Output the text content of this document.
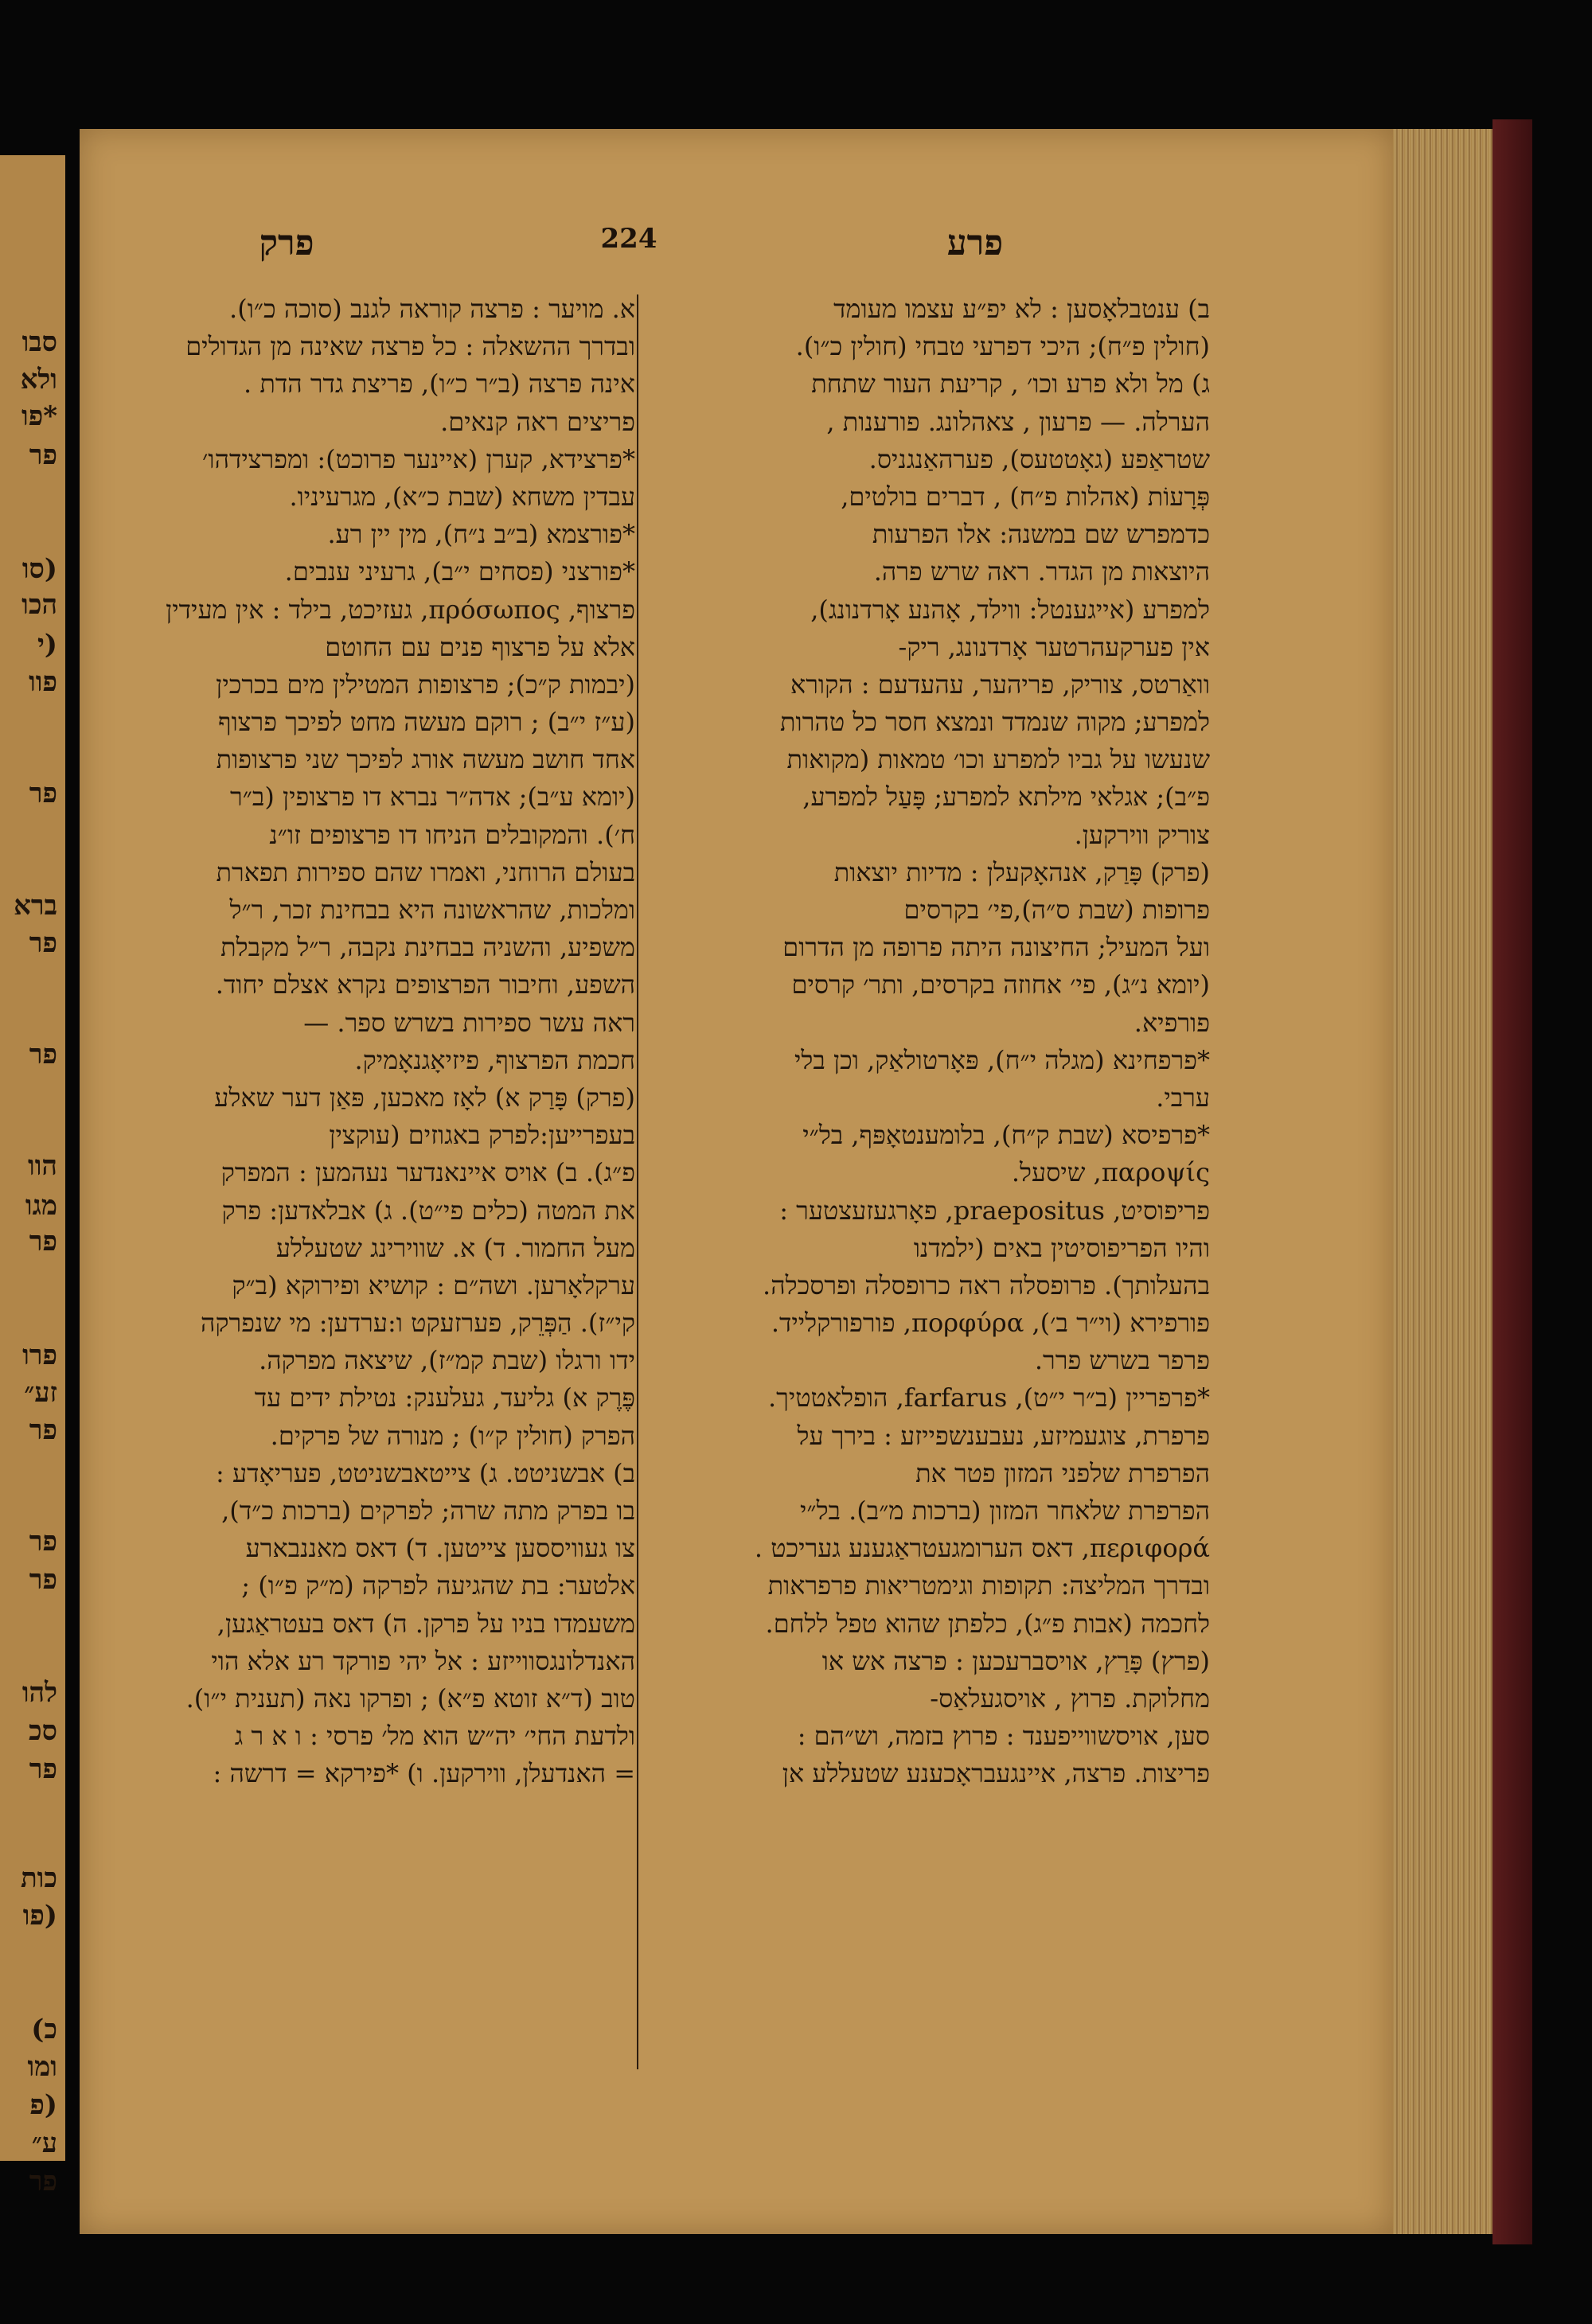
סבו
ולא
*פו
פר
(סו
הכו
(י
פוו
פר
ברא
פר
פר
הוו
מגו
פר
פרו
זע״
פר
פר
פר
להו
סכ
פר
כות
(פו
כ)
ומו
(פ
ע״
פר
פרע
224
פרק
ב) ענטבלאָסען : לא יפ״ע עצמו מעומד
(חולין פ״ח); היכי דפרעי טבחי (חולין כ״ו).
ג) מל ולא פרע וכו׳ , קריעת העור שתחת
הערלה. — פרעון , צאהלונג. פורענות ,
שטראַפע (גאָטטעס), פערהאַנגניס.
פְּרָעוֹת (אהלות פ״ח) , דברים בולטים,
כדמפרש שם במשנה: אלו הפרעות
היוצאות מן הגדר. ראה שרש פרה.
למפרע (אייגענטל: ווילד, אָהנע אָרדנונג),
אין פערקעהרטער אָרדנונג, ריק-
וואַרטס, צוריק, פריהער, עהעדעם : הקורא
למפרע; מקוה שנמדד ונמצא חסר כל טהרות
שנעשו על גביו למפרע וכו׳ טמאות (מקואות
פ״ב); אגלאי מילתא למפרע; פָּעַל למפרע,
צוריק ווירקען.
(פרק) פָּרַק, אנהאָקעלן : מדיות יוצאות
פרופות (שבת ס״ה),פי׳ בקרסים
ועל המעיל; החיצונה היתה פרופה מן הדרום
(יומא נ״ג), פי׳ אחוזה בקרסים, ותר׳ קרסים
פורפיא.
*פרפחינא (מגלה י״ח), פּאָרטולאַק, וכן בלי
ערבי.
*פרפיסא (שבת ק״ח), בלומענטאָפּף, בל״י
παροψίς, שיסעל.
פריפוסיט, praepositus, פאָרגעזעצטער :
והיו הפריפוסיטין באים (ילמדנו
בהעלותך). פרופסלה ראה כרופסלה ופרסכלה.
פורפירא (וי״ר ב׳), πορφύρα, פורפורקלייד.
פרפר בשרש פרר.
*פרפריין (ב״ר י״ט), farfarus, הופלאטטיך.
פרפרת, צוגעמיזע, נעבענשפייזע : בירך על
הפרפרת שלפני המזון פטר את
הפרפרת שלאחר המזון (ברכות מ״ב). בל״י
περιφορά, דאס הערומגעטראַגענע געריכט .
ובדרך המליצה: תקופות וגימטריאות פרפראות
לחכמה (אבות פ״ג), כלפתן שהוא טפל ללחם.
(פרץ) פָּרַץ, אויסברעכען : פרצה אש או
מחלוקת. פרוץ , אויסגעלאַס-
סען, אויסשווייפענד : פרוץ בזמה, וש״הם :
פריצות. פרצה, איינגעבראָכענע שטעללע אן
א. מויער : פרצה קוראה לגנב (סוכה כ״ו).
ובדרך ההשאלה : כל פרצה שאינה מן הגדולים
אינה פרצה (ב״ר כ״ו), פריצת גדר הדת .
פריצים ראה קנאים.
*פרצידא, קערן (איינער פרוכט): ומפרצידהו׳
עבדין משחא (שבת כ״א), מגרעיניו.
*פורצמא (ב״ב נ״ח), מין יין רע.
*פורצני (פסחים י״ב), גרעיני ענבים.
פרצוף, πρόσωπος, געזיכט, בילד : אין מעידין
אלא על פרצוף פנים עם החוטם
(יבמות ק״כ); פרצופות המטילין מים בכרכין
(ע״ז י״ב) ; רוקם מעשה מחט לפיכך פרצוף
אחד חושב מעשה אורג לפיכך שני פרצופות
(יומא ע״ב); אדה״ר נברא דו פרצופין (ב״ר
ח׳). והמקובלים הניחו דו פרצופים זו״נ
בעולם הרוחני, ואמרו שהם ספירות תפארת
ומלכות, שהראשונה היא בבחינת זכר, ר״ל
משפיע, והשניה בבחינת נקבה, ר״ל מקבלת
השפע, וחיבור הפרצופים נקרא אצלם יחוד.
ראה עשר ספירות בשרש ספר. —
חכמת הפרצוף, פיזיאָגנאָמיק.
(פרק) פָּרַק א) לאָז מאכען, פּאַן דער שאלע
בעפרייען:לפרק באגוזים (עוקצין
פ״ג). ב) אויס איינאנדער נעהמען : המפרק
את המטה (כלים פי״ט). ג) אבלאדען: פרק
מעל החמור. ד) א. שווירינג שטעללע
ערקלאָרען. ושה״ם : קושיא ופירוקא (ב״ק
קי״ז). הַפְּרֵק, פערזעקט ו:ערדען: מי שנפרקה
ידו ורגלו (שבת קמ״ז), שיצאה מפרקה.
פֶּרֶק א) גליעד, געלענק: נטילת ידים עד
הפרק (חולין ק״ו) ; מנורה של פרקים.
ב) אבשניטט. ג) צייטאבשניטט, פעריאָדע :
בו בפרק מתה שרה; לפרקים (ברכות כ״ד),
צו געוויססען צייטען. ד) דאס מאננבארע
אלטער: בת שהגיעה לפרקה (מ״ק פ״ו) ;
משעמדו בניו על פרקן. ה) דאס בעטראַגען,
האנדלונגסווייזע : אל יהי פורקד רע אלא הוי
טוב (ד״א זוטא פ״א) ; ופרקו נאה (תענית י״ו).
ולדעת החי׳ יה״ש הוא מל׳ פרסי : ו א ר ג
= האנדעלן, ווירקען. ו) *פירקא = דרשה :
